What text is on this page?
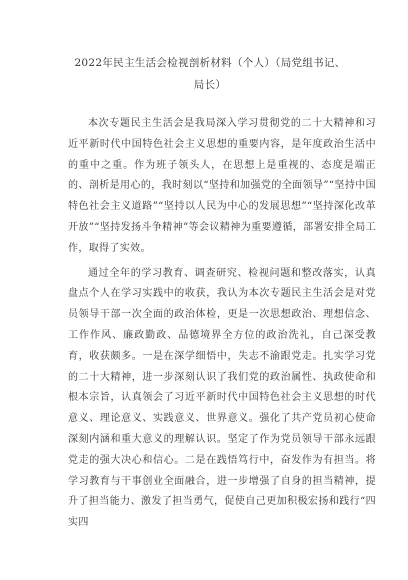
2022年民主生活会检视剖析材料（个人）（局党组书记、
局长）

本次专题民主生活会是我局深入学习贯彻党的二十大精神和习近平新时代中国特色社会主义思想的重要内容，是年度政治生活中的重中之重。作为班子领头人，在思想上是重视的、态度是端正的、剖析是用心的，我时刻以“坚持和加强党的全面领导”“坚持中国特色社会主义道路”“坚持以人民为中心的发展思想”“坚持深化改革开放”“坚持发扬斗争精神”等会议精神为重要遵循，部署安排全局工作，取得了实效。

通过全年的学习教育、调查研究、检视问题和整改落实，认真盘点个人在学习实践中的收获，我认为本次专题民主生活会是对党员领导干部一次全面的政治体检，更是一次思想政治、理想信念、工作作风、廉政勤政、品德境界全方位的政治洗礼，自己深受教育，收获颇多。一是在深学细悟中，失志不渝跟党走。扎实学习党的二十大精神，进一步深刻认识了我们党的政治属性、执政使命和根本宗旨，认真领会了习近平新时代中国特色社会主义思想的时代意义、理论意义、实践意义、世界意义。强化了共产党员初心使命深刻内涵和重大意义的理解认识。坚定了作为党员领导干部永远跟党走的强大决心和信心。二是在践悟笃行中，奋发作为有担当。将学习教育与干事创业全面融合，进一步增强了自身的担当精神，提升了担当能力、激发了担当勇气，促使自己更加积极宏扬和践行“四实四
